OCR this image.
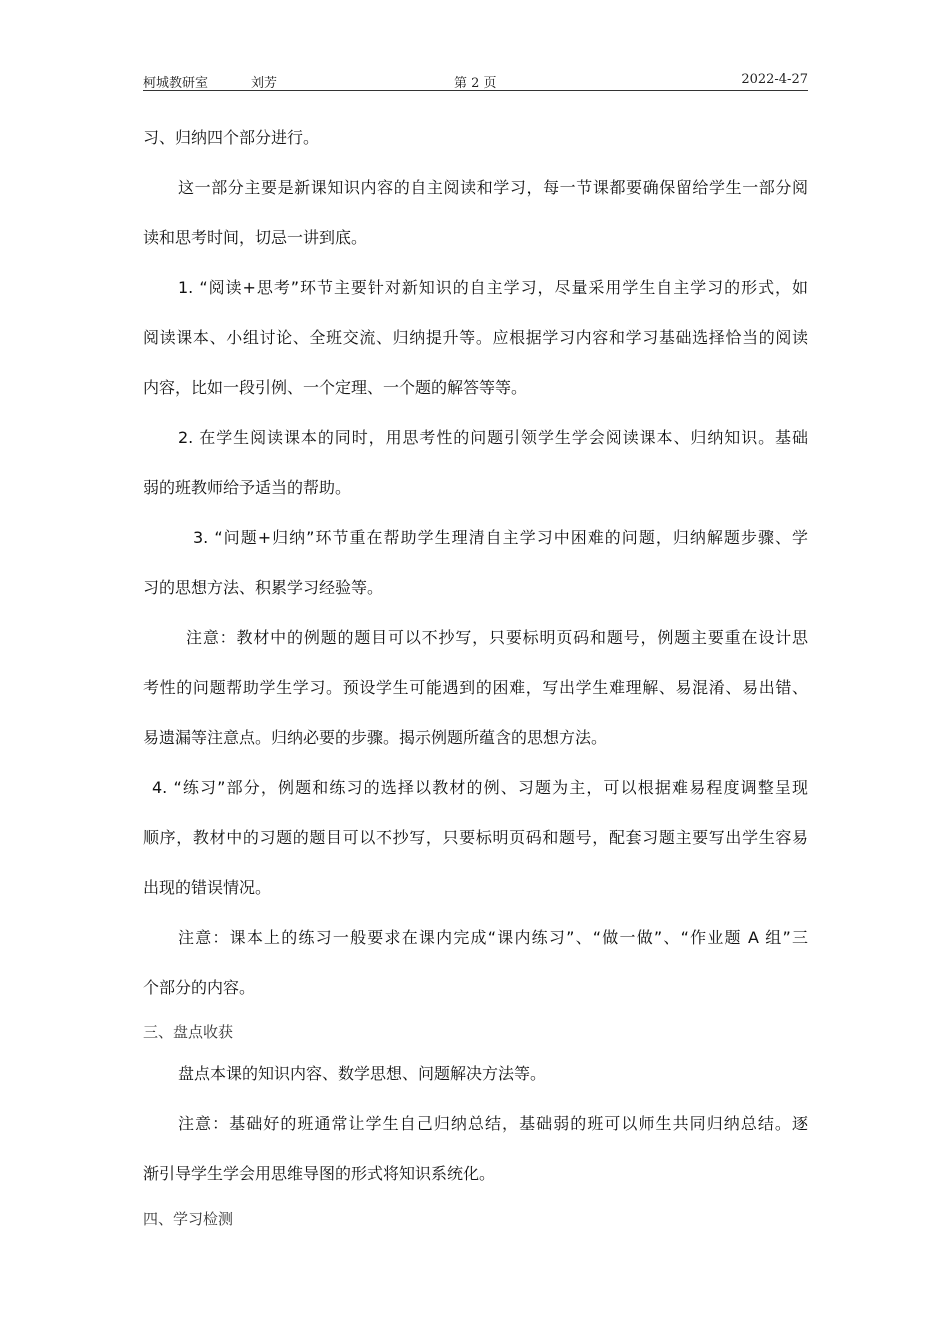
柯城教研室	刘芳	第 2 页	2022-4-27
习、归纳四个部分进行。
这一部分主要是新课知识内容的自主阅读和学习，每一节课都要确保留给学生一部分阅
读和思考时间，切忌一讲到底。
1. “阅读+思考”环节主要针对新知识的自主学习，尽量采用学生自主学习的形式，如
阅读课本、小组讨论、全班交流、归纳提升等。应根据学习内容和学习基础选择恰当的阅读
内容，比如一段引例、一个定理、一个题的解答等等。
2. 在学生阅读课本的同时，用思考性的问题引领学生学会阅读课本、归纳知识。基础
弱的班教师给予适当的帮助。
3. “问题+归纳”环节重在帮助学生理清自主学习中困难的问题，归纳解题步骤、学
习的思想方法、积累学习经验等。
注意：教材中的例题的题目可以不抄写，只要标明页码和题号，例题主要重在设计思
考性的问题帮助学生学习。预设学生可能遇到的困难，写出学生难理解、易混淆、易出错、
易遗漏等注意点。归纳必要的步骤。揭示例题所蕴含的思想方法。
4. “练习”部分，例题和练习的选择以教材的例、习题为主，可以根据难易程度调整呈现
顺序，教材中的习题的题目可以不抄写，只要标明页码和题号，配套习题主要写出学生容易
出现的错误情况。
注意：课本上的练习一般要求在课内完成“课内练习”、“做一做”、“作业题 A 组”三
个部分的内容。
三、盘点收获
盘点本课的知识内容、数学思想、问题解决方法等。
注意：基础好的班通常让学生自己归纳总结，基础弱的班可以师生共同归纳总结。逐
渐引导学生学会用思维导图的形式将知识系统化。
四、学习检测
